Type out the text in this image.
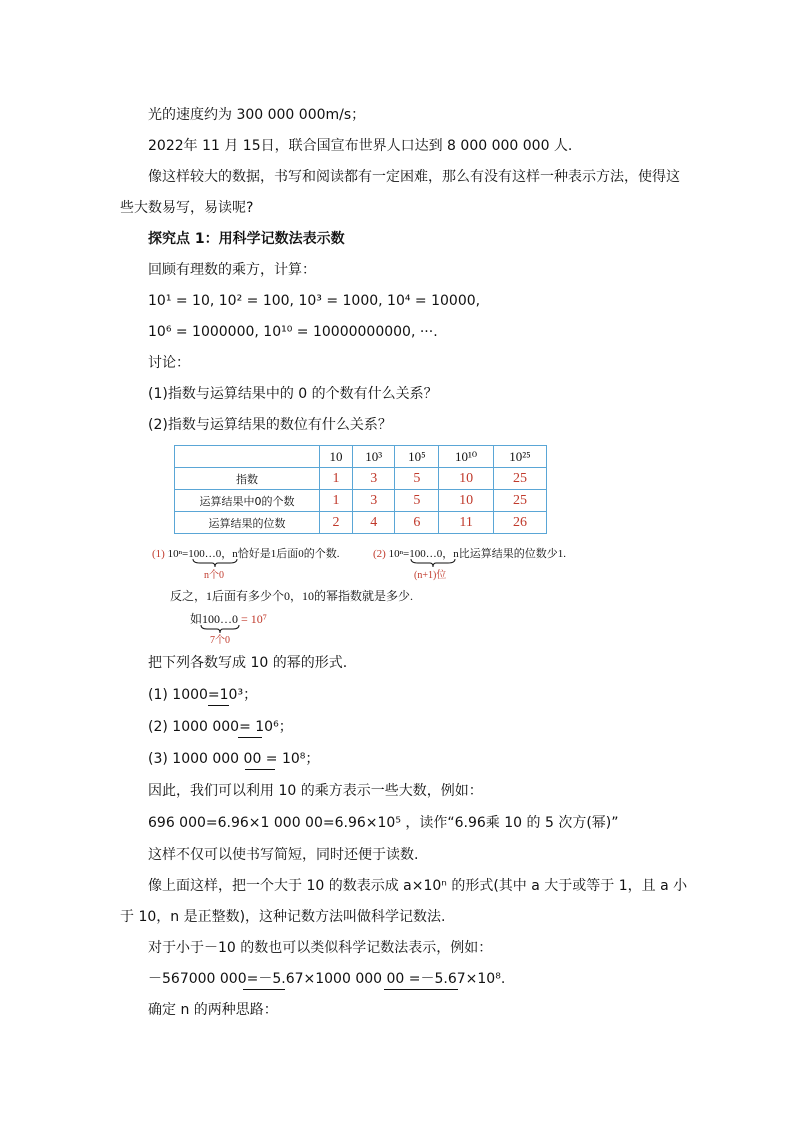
光的速度约为 300 000 000m/s；
2022年 11 月 15日，联合国宣布世界人口达到 8 000 000 000 人.
像这样较大的数据，书写和阅读都有一定困难，那么有没有这样一种表示方法，使得这
些大数易写，易读呢?
探究点 1：用科学记数法表示数
回顾有理数的乘方，计算：
10¹ = 10, 10² = 100, 10³ = 1000, 10⁴ = 10000,
10⁶ = 1000000, 10¹⁰ = 10000000000, ···.
讨论：
(1)指数与运算结果中的 0 的个数有什么关系？
(2)指数与运算结果的数位有什么关系？
	10	10³	10⁵	10¹⁰	10²⁵
指数	1	3	5	10	25
运算结果中0的个数	1	3	5	10	25
运算结果的位数	2	4	6	11	26
(1) 10ⁿ=100…0，n恰好是1后面0的个数.
n个0
(2) 10ⁿ=100…0，n比运算结果的位数少1.
(n+1)位
反之，1后面有多少个0，10的幂指数就是多少.
如100…0 = 10⁷
7个0
把下列各数写成 10 的幂的形式.
(1) 1000=10³；
(2) 1000 000= 10⁶；
(3) 1000 000 00 = 10⁸；
因此，我们可以利用 10 的乘方表示一些大数，例如：
696 000=6.96×1 000 00=6.96×10⁵ ，读作“6.96乘 10 的 5 次方(幂)”
这样不仅可以使书写简短，同时还便于读数.
像上面这样，把一个大于 10 的数表示成 a×10ⁿ 的形式(其中 a 大于或等于 1，且 a 小
于 10，n 是正整数)，这种记数方法叫做科学记数法.
对于小于－10 的数也可以类似科学记数法表示，例如：
－567000 000=－5.67×1000 000 00 =－5.67×10⁸.
确定 n 的两种思路：
